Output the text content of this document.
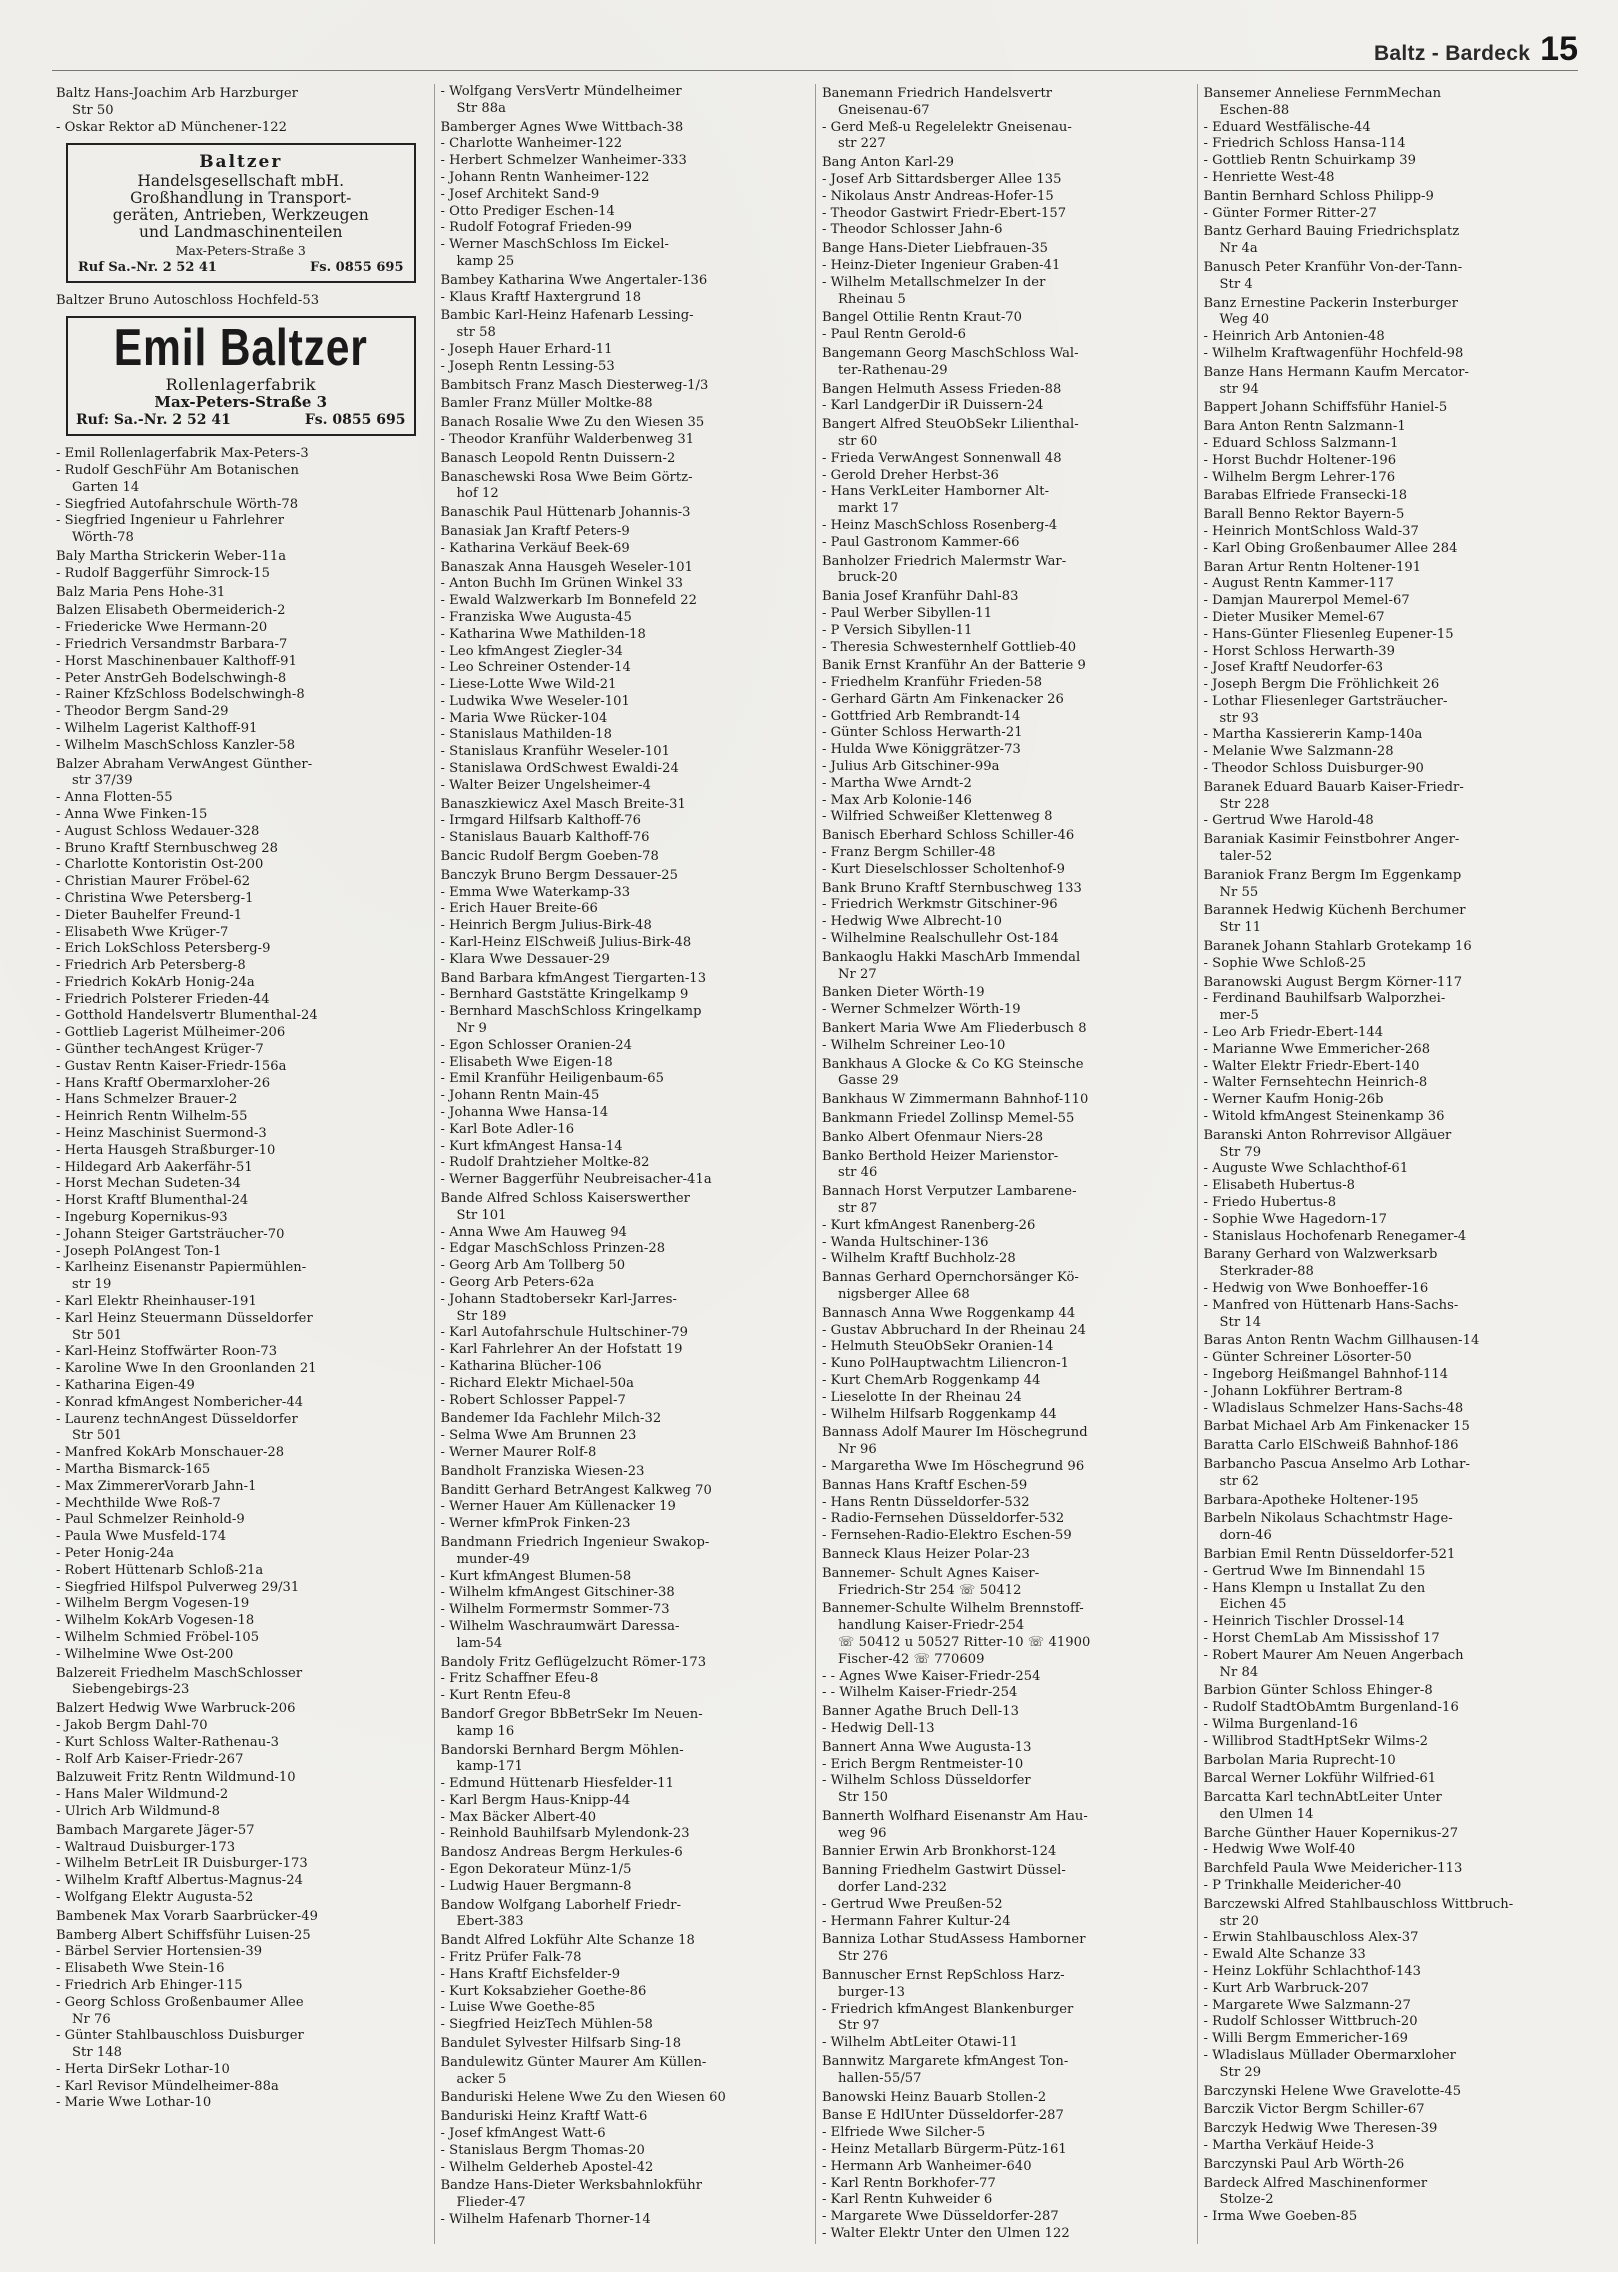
Baltz - Bardeck 15
Baltz Hans-Joachim Arb Harzburger
Str 50
- Oskar Rektor aD Münchener-122
Baltzer
Handelsgesellschaft mbH.
Großhandlung in Transport-
geräten, Antrieben, Werkzeugen
und Landmaschinenteilen
Max-Peters-Straße 3
Ruf Sa.-Nr. 2 52 41	Fs. 0855 695
Baltzer Bruno Autoschloss Hochfeld-53
Emil Baltzer
Rollenlagerfabrik
Max-Peters-Straße 3
Ruf: Sa.-Nr. 2 52 41	Fs. 0855 695
- Emil Rollenlagerfabrik Max-Peters-3
- Rudolf GeschFühr Am Botanischen
Garten 14
- Siegfried Autofahrschule Wörth-78
- Siegfried Ingenieur u Fahrlehrer
Wörth-78
Baly Martha Strickerin Weber-11a
- Rudolf Baggerführ Simrock-15
Balz Maria Pens Hohe-31
Balzen Elisabeth Obermeiderich-2
- Friedericke Wwe Hermann-20
- Friedrich Versandmstr Barbara-7
- Horst Maschinenbauer Kalthoff-91
- Peter AnstrGeh Bodelschwingh-8
- Rainer KfzSchloss Bodelschwingh-8
- Theodor Bergm Sand-29
- Wilhelm Lagerist Kalthoff-91
- Wilhelm MaschSchloss Kanzler-58
Balzer Abraham VerwAngest Günther-
str 37/39
- Anna Flotten-55
- Anna Wwe Finken-15
- August Schloss Wedauer-328
- Bruno Kraftf Sternbuschweg 28
- Charlotte Kontoristin Ost-200
- Christian Maurer Fröbel-62
- Christina Wwe Petersberg-1
- Dieter Bauhelfer Freund-1
- Elisabeth Wwe Krüger-7
- Erich LokSchloss Petersberg-9
- Friedrich Arb Petersberg-8
- Friedrich KokArb Honig-24a
- Friedrich Polsterer Frieden-44
- Gotthold Handelsvertr Blumenthal-24
- Gottlieb Lagerist Mülheimer-206
- Günther techAngest Krüger-7
- Gustav Rentn Kaiser-Friedr-156a
- Hans Kraftf Obermarxloher-26
- Hans Schmelzer Brauer-2
- Heinrich Rentn Wilhelm-55
- Heinz Maschinist Suermond-3
- Herta Hausgeh Straßburger-10
- Hildegard Arb Aakerfähr-51
- Horst Mechan Sudeten-34
- Horst Kraftf Blumenthal-24
- Ingeburg Kopernikus-93
- Johann Steiger Gartsträucher-70
- Joseph PolAngest Ton-1
- Karlheinz Eisenanstr Papiermühlen-
str 19
- Karl Elektr Rheinhauser-191
- Karl Heinz Steuermann Düsseldorfer
Str 501
- Karl-Heinz Stoffwärter Roon-73
- Karoline Wwe In den Groonlanden 21
- Katharina Eigen-49
- Konrad kfmAngest Nombericher-44
- Laurenz technAngest Düsseldorfer
Str 501
- Manfred KokArb Monschauer-28
- Martha Bismarck-165
- Max ZimmererVorarb Jahn-1
- Mechthilde Wwe Roß-7
- Paul Schmelzer Reinhold-9
- Paula Wwe Musfeld-174
- Peter Honig-24a
- Robert Hüttenarb Schloß-21a
- Siegfried Hilfspol Pulverweg 29/31
- Wilhelm Bergm Vogesen-19
- Wilhelm KokArb Vogesen-18
- Wilhelm Schmied Fröbel-105
- Wilhelmine Wwe Ost-200
Balzereit Friedhelm MaschSchlosser
Siebengebirgs-23
Balzert Hedwig Wwe Warbruck-206
- Jakob Bergm Dahl-70
- Kurt Schloss Walter-Rathenau-3
- Rolf Arb Kaiser-Friedr-267
Balzuweit Fritz Rentn Wildmund-10
- Hans Maler Wildmund-2
- Ulrich Arb Wildmund-8
Bambach Margarete Jäger-57
- Waltraud Duisburger-173
- Wilhelm BetrLeit IR Duisburger-173
- Wilhelm Kraftf Albertus-Magnus-24
- Wolfgang Elektr Augusta-52
Bambenek Max Vorarb Saarbrücker-49
Bamberg Albert Schiffsführ Luisen-25
- Bärbel Servier Hortensien-39
- Elisabeth Wwe Stein-16
- Friedrich Arb Ehinger-115
- Georg Schloss Großenbaumer Allee
Nr 76
- Günter Stahlbauschloss Duisburger
Str 148
- Herta DirSekr Lothar-10
- Karl Revisor Mündelheimer-88a
- Marie Wwe Lothar-10
- Wolfgang VersVertr Mündelheimer
Str 88a
Bamberger Agnes Wwe Wittbach-38
- Charlotte Wanheimer-122
- Herbert Schmelzer Wanheimer-333
- Johann Rentn Wanheimer-122
- Josef Architekt Sand-9
- Otto Prediger Eschen-14
- Rudolf Fotograf Frieden-99
- Werner MaschSchloss Im Eickel-
kamp 25
Bambey Katharina Wwe Angertaler-136
- Klaus Kraftf Haxtergrund 18
Bambic Karl-Heinz Hafenarb Lessing-
str 58
- Joseph Hauer Erhard-11
- Joseph Rentn Lessing-53
Bambitsch Franz Masch Diesterweg-1/3
Bamler Franz Müller Moltke-88
Banach Rosalie Wwe Zu den Wiesen 35
- Theodor Kranführ Walderbenweg 31
Banasch Leopold Rentn Duissern-2
Banaschewski Rosa Wwe Beim Görtz-
hof 12
Banaschik Paul Hüttenarb Johannis-3
Banasiak Jan Kraftf Peters-9
- Katharina Verkäuf Beek-69
Banaszak Anna Hausgeh Weseler-101
- Anton Buchh Im Grünen Winkel 33
- Ewald Walzwerkarb Im Bonnefeld 22
- Franziska Wwe Augusta-45
- Katharina Wwe Mathilden-18
- Leo kfmAngest Ziegler-34
- Leo Schreiner Ostender-14
- Liese-Lotte Wwe Wild-21
- Ludwika Wwe Weseler-101
- Maria Wwe Rücker-104
- Stanislaus Mathilden-18
- Stanislaus Kranführ Weseler-101
- Stanislawa OrdSchwest Ewaldi-24
- Walter Beizer Ungelsheimer-4
Banaszkiewicz Axel Masch Breite-31
- Irmgard Hilfsarb Kalthoff-76
- Stanislaus Bauarb Kalthoff-76
Bancic Rudolf Bergm Goeben-78
Banczyk Bruno Bergm Dessauer-25
- Emma Wwe Waterkamp-33
- Erich Hauer Breite-66
- Heinrich Bergm Julius-Birk-48
- Karl-Heinz ElSchweiß Julius-Birk-48
- Klara Wwe Dessauer-29
Band Barbara kfmAngest Tiergarten-13
- Bernhard Gaststätte Kringelkamp 9
- Bernhard MaschSchloss Kringelkamp
Nr 9
- Egon Schlosser Oranien-24
- Elisabeth Wwe Eigen-18
- Emil Kranführ Heiligenbaum-65
- Johann Rentn Main-45
- Johanna Wwe Hansa-14
- Karl Bote Adler-16
- Kurt kfmAngest Hansa-14
- Rudolf Drahtzieher Moltke-82
- Werner Baggerführ Neubreisacher-41a
Bande Alfred Schloss Kaiserswerther
Str 101
- Anna Wwe Am Hauweg 94
- Edgar MaschSchloss Prinzen-28
- Georg Arb Am Tollberg 50
- Georg Arb Peters-62a
- Johann Stadtobersekr Karl-Jarres-
Str 189
- Karl Autofahrschule Hultschiner-79
- Karl Fahrlehrer An der Hofstatt 19
- Katharina Blücher-106
- Richard Elektr Michael-50a
- Robert Schlosser Pappel-7
Bandemer Ida Fachlehr Milch-32
- Selma Wwe Am Brunnen 23
- Werner Maurer Rolf-8
Bandholt Franziska Wiesen-23
Banditt Gerhard BetrAngest Kalkweg 70
- Werner Hauer Am Küllenacker 19
- Werner kfmProk Finken-23
Bandmann Friedrich Ingenieur Swakop-
munder-49
- Kurt kfmAngest Blumen-58
- Wilhelm kfmAngest Gitschiner-38
- Wilhelm Formermstr Sommer-73
- Wilhelm Waschraumwärt Daressa-
lam-54
Bandoly Fritz Geflügelzucht Römer-173
- Fritz Schaffner Efeu-8
- Kurt Rentn Efeu-8
Bandorf Gregor BbBetrSekr Im Neuen-
kamp 16
Bandorski Bernhard Bergm Möhlen-
kamp-171
- Edmund Hüttenarb Hiesfelder-11
- Karl Bergm Haus-Knipp-44
- Max Bäcker Albert-40
- Reinhold Bauhilfsarb Mylendonk-23
Bandosz Andreas Bergm Herkules-6
- Egon Dekorateur Münz-1/5
- Ludwig Hauer Bergmann-8
Bandow Wolfgang Laborhelf Friedr-
Ebert-383
Bandt Alfred Lokführ Alte Schanze 18
- Fritz Prüfer Falk-78
- Hans Kraftf Eichsfelder-9
- Kurt Koksabzieher Goethe-86
- Luise Wwe Goethe-85
- Siegfried HeizTech Mühlen-58
Bandulet Sylvester Hilfsarb Sing-18
Bandulewitz Günter Maurer Am Küllen-
acker 5
Banduriski Helene Wwe Zu den Wiesen 60
Banduriski Heinz Kraftf Watt-6
- Josef kfmAngest Watt-6
- Stanislaus Bergm Thomas-20
- Wilhelm Gelderheb Apostel-42
Bandze Hans-Dieter Werksbahnlokführ
Flieder-47
- Wilhelm Hafenarb Thorner-14
Banemann Friedrich Handelsvertr
Gneisenau-67
- Gerd Meß-u Regelelektr Gneisenau-
str 227
Bang Anton Karl-29
- Josef Arb Sittardsberger Allee 135
- Nikolaus Anstr Andreas-Hofer-15
- Theodor Gastwirt Friedr-Ebert-157
- Theodor Schlosser Jahn-6
Bange Hans-Dieter Liebfrauen-35
- Heinz-Dieter Ingenieur Graben-41
- Wilhelm Metallschmelzer In der
Rheinau 5
Bangel Ottilie Rentn Kraut-70
- Paul Rentn Gerold-6
Bangemann Georg MaschSchloss Wal-
ter-Rathenau-29
Bangen Helmuth Assess Frieden-88
- Karl LandgerDir iR Duissern-24
Bangert Alfred SteuObSekr Lilienthal-
str 60
- Frieda VerwAngest Sonnenwall 48
- Gerold Dreher Herbst-36
- Hans VerkLeiter Hamborner Alt-
markt 17
- Heinz MaschSchloss Rosenberg-4
- Paul Gastronom Kammer-66
Banholzer Friedrich Malermstr War-
bruck-20
Bania Josef Kranführ Dahl-83
- Paul Werber Sibyllen-11
- P Versich Sibyllen-11
- Theresia Schwesternhelf Gottlieb-40
Banik Ernst Kranführ An der Batterie 9
- Friedhelm Kranführ Frieden-58
- Gerhard Gärtn Am Finkenacker 26
- Gottfried Arb Rembrandt-14
- Günter Schloss Herwarth-21
- Hulda Wwe Königgrätzer-73
- Julius Arb Gitschiner-99a
- Martha Wwe Arndt-2
- Max Arb Kolonie-146
- Wilfried Schweißer Klettenweg 8
Banisch Eberhard Schloss Schiller-46
- Franz Bergm Schiller-48
- Kurt Dieselschlosser Scholtenhof-9
Bank Bruno Kraftf Sternbuschweg 133
- Friedrich Werkmstr Gitschiner-96
- Hedwig Wwe Albrecht-10
- Wilhelmine Realschullehr Ost-184
Bankaoglu Hakki MaschArb Immendal
Nr 27
Banken Dieter Wörth-19
- Werner Schmelzer Wörth-19
Bankert Maria Wwe Am Fliederbusch 8
- Wilhelm Schreiner Leo-10
Bankhaus A Glocke & Co KG Steinsche
Gasse 29
Bankhaus W Zimmermann Bahnhof-110
Bankmann Friedel Zollinsp Memel-55
Banko Albert Ofenmaur Niers-28
Banko Berthold Heizer Marienstor-
str 46
Bannach Horst Verputzer Lambarene-
str 87
- Kurt kfmAngest Ranenberg-26
- Wanda Hultschiner-136
- Wilhelm Kraftf Buchholz-28
Bannas Gerhard Opernchorsänger Kö-
nigsberger Allee 68
Bannasch Anna Wwe Roggenkamp 44
- Gustav Abbruchard In der Rheinau 24
- Helmuth SteuObSekr Oranien-14
- Kuno PolHauptwachtm Liliencron-1
- Kurt ChemArb Roggenkamp 44
- Lieselotte In der Rheinau 24
- Wilhelm Hilfsarb Roggenkamp 44
Bannass Adolf Maurer Im Höschegrund
Nr 96
- Margaretha Wwe Im Höschegrund 96
Bannas Hans Kraftf Eschen-59
- Hans Rentn Düsseldorfer-532
- Radio-Fernsehen Düsseldorfer-532
- Fernsehen-Radio-Elektro Eschen-59
Banneck Klaus Heizer Polar-23
Bannemer- Schult Agnes Kaiser-
Friedrich-Str 254 ☏ 50412
Bannemer-Schulte Wilhelm Brennstoff-
handlung Kaiser-Friedr-254
☏ 50412 u 50527 Ritter-10 ☏ 41900
Fischer-42 ☏ 770609
- - Agnes Wwe Kaiser-Friedr-254
- - Wilhelm Kaiser-Friedr-254
Banner Agathe Bruch Dell-13
- Hedwig Dell-13
Bannert Anna Wwe Augusta-13
- Erich Bergm Rentmeister-10
- Wilhelm Schloss Düsseldorfer
Str 150
Bannerth Wolfhard Eisenanstr Am Hau-
weg 96
Bannier Erwin Arb Bronkhorst-124
Banning Friedhelm Gastwirt Düssel-
dorfer Land-232
- Gertrud Wwe Preußen-52
- Hermann Fahrer Kultur-24
Banniza Lothar StudAssess Hamborner
Str 276
Bannuscher Ernst RepSchloss Harz-
burger-13
- Friedrich kfmAngest Blankenburger
Str 97
- Wilhelm AbtLeiter Otawi-11
Bannwitz Margarete kfmAngest Ton-
hallen-55/57
Banowski Heinz Bauarb Stollen-2
Banse E HdlUnter Düsseldorfer-287
- Elfriede Wwe Silcher-5
- Heinz Metallarb Bürgerm-Pütz-161
- Hermann Arb Wanheimer-640
- Karl Rentn Borkhofer-77
- Karl Rentn Kuhweider 6
- Margarete Wwe Düsseldorfer-287
- Walter Elektr Unter den Ulmen 122
Bansemer Anneliese FernmMechan
Eschen-88
- Eduard Westfälische-44
- Friedrich Schloss Hansa-114
- Gottlieb Rentn Schuirkamp 39
- Henriette West-48
Bantin Bernhard Schloss Philipp-9
- Günter Former Ritter-27
Bantz Gerhard Bauing Friedrichsplatz
Nr 4a
Banusch Peter Kranführ Von-der-Tann-
Str 4
Banz Ernestine Packerin Insterburger
Weg 40
- Heinrich Arb Antonien-48
- Wilhelm Kraftwagenführ Hochfeld-98
Banze Hans Hermann Kaufm Mercator-
str 94
Bappert Johann Schiffsführ Haniel-5
Bara Anton Rentn Salzmann-1
- Eduard Schloss Salzmann-1
- Horst Buchdr Holtener-196
- Wilhelm Bergm Lehrer-176
Barabas Elfriede Fransecki-18
Barall Benno Rektor Bayern-5
- Heinrich MontSchloss Wald-37
- Karl Obing Großenbaumer Allee 284
Baran Artur Rentn Holtener-191
- August Rentn Kammer-117
- Damjan Maurerpol Memel-67
- Dieter Musiker Memel-67
- Hans-Günter Fliesenleg Eupener-15
- Horst Schloss Herwarth-39
- Josef Kraftf Neudorfer-63
- Joseph Bergm Die Fröhlichkeit 26
- Lothar Fliesenleger Gartsträucher-
str 93
- Martha Kassiererin Kamp-140a
- Melanie Wwe Salzmann-28
- Theodor Schloss Duisburger-90
Baranek Eduard Bauarb Kaiser-Friedr-
Str 228
- Gertrud Wwe Harold-48
Baraniak Kasimir Feinstbohrer Anger-
taler-52
Baraniok Franz Bergm Im Eggenkamp
Nr 55
Barannek Hedwig Küchenh Berchumer
Str 11
Baranek Johann Stahlarb Grotekamp 16
- Sophie Wwe Schloß-25
Baranowski August Bergm Körner-117
- Ferdinand Bauhilfsarb Walporzhei-
mer-5
- Leo Arb Friedr-Ebert-144
- Marianne Wwe Emmericher-268
- Walter Elektr Friedr-Ebert-140
- Walter Fernsehtechn Heinrich-8
- Werner Kaufm Honig-26b
- Witold kfmAngest Steinenkamp 36
Baranski Anton Rohrrevisor Allgäuer
Str 79
- Auguste Wwe Schlachthof-61
- Elisabeth Hubertus-8
- Friedo Hubertus-8
- Sophie Wwe Hagedorn-17
- Stanislaus Hochofenarb Renegamer-4
Barany Gerhard von Walzwerksarb
Sterkrader-88
- Hedwig von Wwe Bonhoeffer-16
- Manfred von Hüttenarb Hans-Sachs-
Str 14
Baras Anton Rentn Wachm Gillhausen-14
- Günter Schreiner Lösorter-50
- Ingeborg Heißmangel Bahnhof-114
- Johann Lokführer Bertram-8
- Wladislaus Schmelzer Hans-Sachs-48
Barbat Michael Arb Am Finkenacker 15
Baratta Carlo ElSchweiß Bahnhof-186
Barbancho Pascua Anselmo Arb Lothar-
str 62
Barbara-Apotheke Holtener-195
Barbeln Nikolaus Schachtmstr Hage-
dorn-46
Barbian Emil Rentn Düsseldorfer-521
- Gertrud Wwe Im Binnendahl 15
- Hans Klempn u Installat Zu den
Eichen 45
- Heinrich Tischler Drossel-14
- Horst ChemLab Am Mississhof 17
- Robert Maurer Am Neuen Angerbach
Nr 84
Barbion Günter Schloss Ehinger-8
- Rudolf StadtObAmtm Burgenland-16
- Wilma Burgenland-16
- Willibrod StadtHptSekr Wilms-2
Barbolan Maria Ruprecht-10
Barcal Werner Lokführ Wilfried-61
Barcatta Karl technAbtLeiter Unter
den Ulmen 14
Barche Günther Hauer Kopernikus-27
- Hedwig Wwe Wolf-40
Barchfeld Paula Wwe Meidericher-113
- P Trinkhalle Meidericher-40
Barczewski Alfred Stahlbauschloss Wittbruch-
str 20
- Erwin Stahlbauschloss Alex-37
- Ewald Alte Schanze 33
- Heinz Lokführ Schlachthof-143
- Kurt Arb Warbruck-207
- Margarete Wwe Salzmann-27
- Rudolf Schlosser Wittbruch-20
- Willi Bergm Emmericher-169
- Wladislaus Müllader Obermarxloher
Str 29
Barczynski Helene Wwe Gravelotte-45
Barczik Victor Bergm Schiller-67
Barczyk Hedwig Wwe Theresen-39
- Martha Verkäuf Heide-3
Barczynski Paul Arb Wörth-26
Bardeck Alfred Maschinenformer
Stolze-2
- Irma Wwe Goeben-85
